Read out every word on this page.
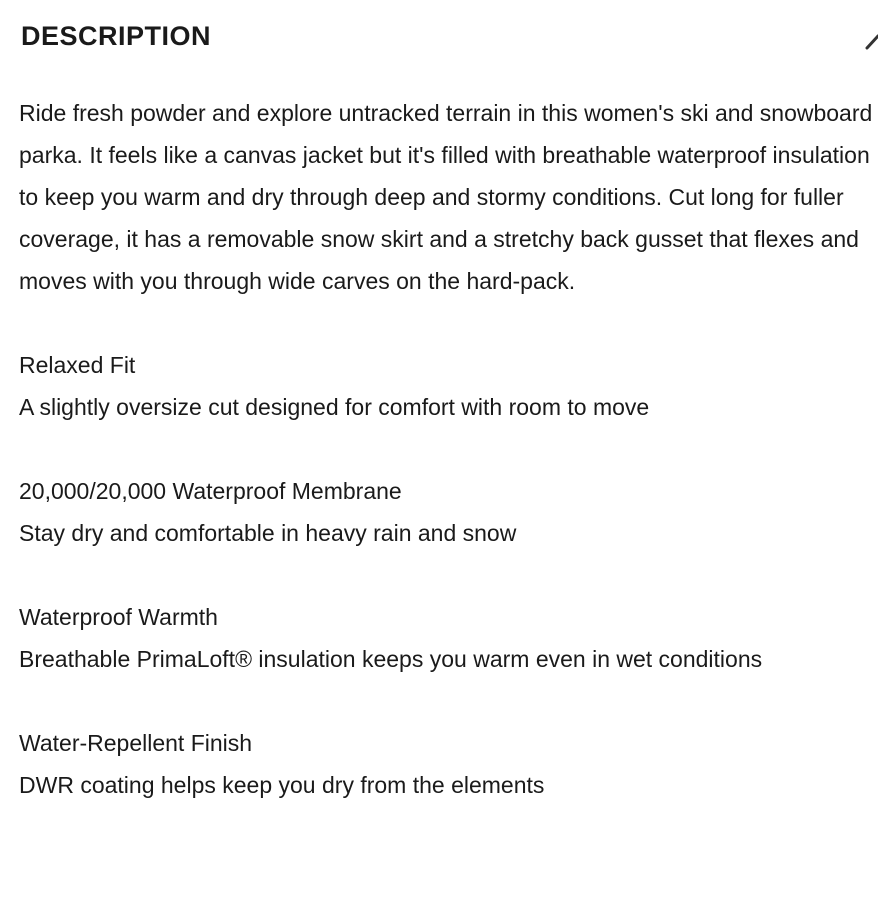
DESCRIPTION

Ride fresh powder and explore untracked terrain in this women's ski and snowboard parka. It feels like a canvas jacket but it's filled with breathable waterproof insulation to keep you warm and dry through deep and stormy conditions. Cut long for fuller coverage, it has a removable snow skirt and a stretchy back gusset that flexes and moves with you through wide carves on the hard-pack.

Relaxed Fit
A slightly oversize cut designed for comfort with room to move
20,000/20,000 Waterproof Membrane
Stay dry and comfortable in heavy rain and snow
Waterproof Warmth
Breathable PrimaLoft® insulation keeps you warm even in wet conditions
Water-Repellent Finish
DWR coating helps keep you dry from the elements
